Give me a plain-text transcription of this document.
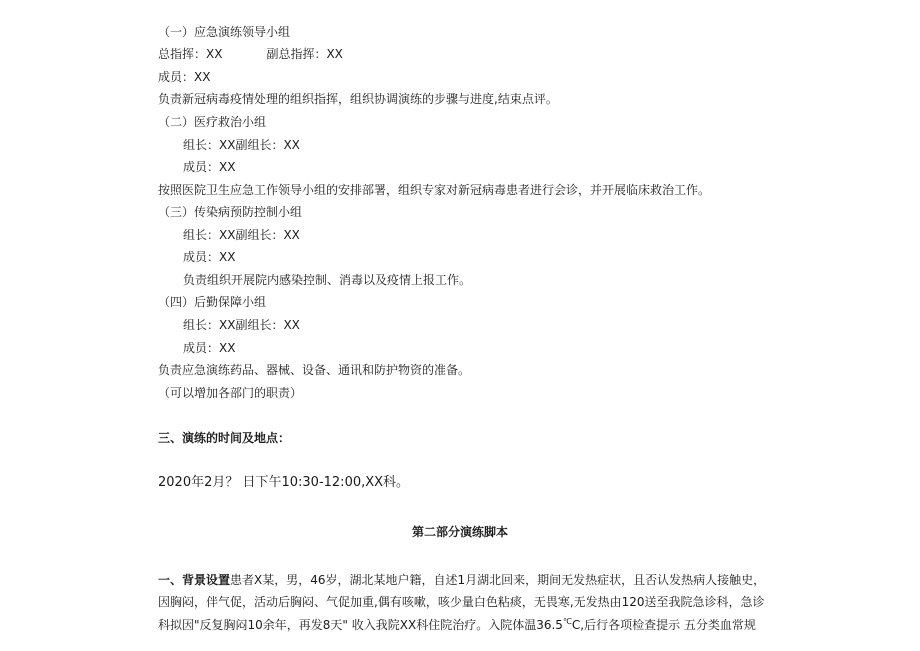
（一）应急演练领导小组
总指挥：XX	副总指挥：XX
成员：XX
负责新冠病毒疫情处理的组织指挥，组织协调演练的步骤与进度,结束点评。
（二）医疗救治小组
组长：XX副组长：XX
成员：XX
按照医院卫生应急工作领导小组的安排部署，组织专家对新冠病毒患者进行会诊，并开展临床救治工作。
（三）传染病预防控制小组
组长：XX副组长：XX
成员：XX
负责组织开展院内感染控制、消毒以及疫情上报工作。
（四）后勤保障小组
组长：XX副组长：XX
成员：XX
负责应急演练药品、器械、设备、通讯和防护物资的准备。
（可以增加各部门的职责）
三、演练的时间及地点：
2020年2月？ 日下午10:30-12:00,XX科。
第二部分演练脚本
一、背景设置患者X某，男，46岁，湖北某地户籍，自述1月湖北回来，期间无发热症状，且否认发热病人接触史，
因胸闷，伴气促，活动后胸闷、气促加重,偶有咳嗽，咳少量白色粘痰，无畏寒,无发热由120送至我院急诊科，急诊
科拟因"反复胸闷10余年，再发8天" 收入我院XX科住院治疗。入院体温36.5℃C,后行各项检查提示 五分类血常规
